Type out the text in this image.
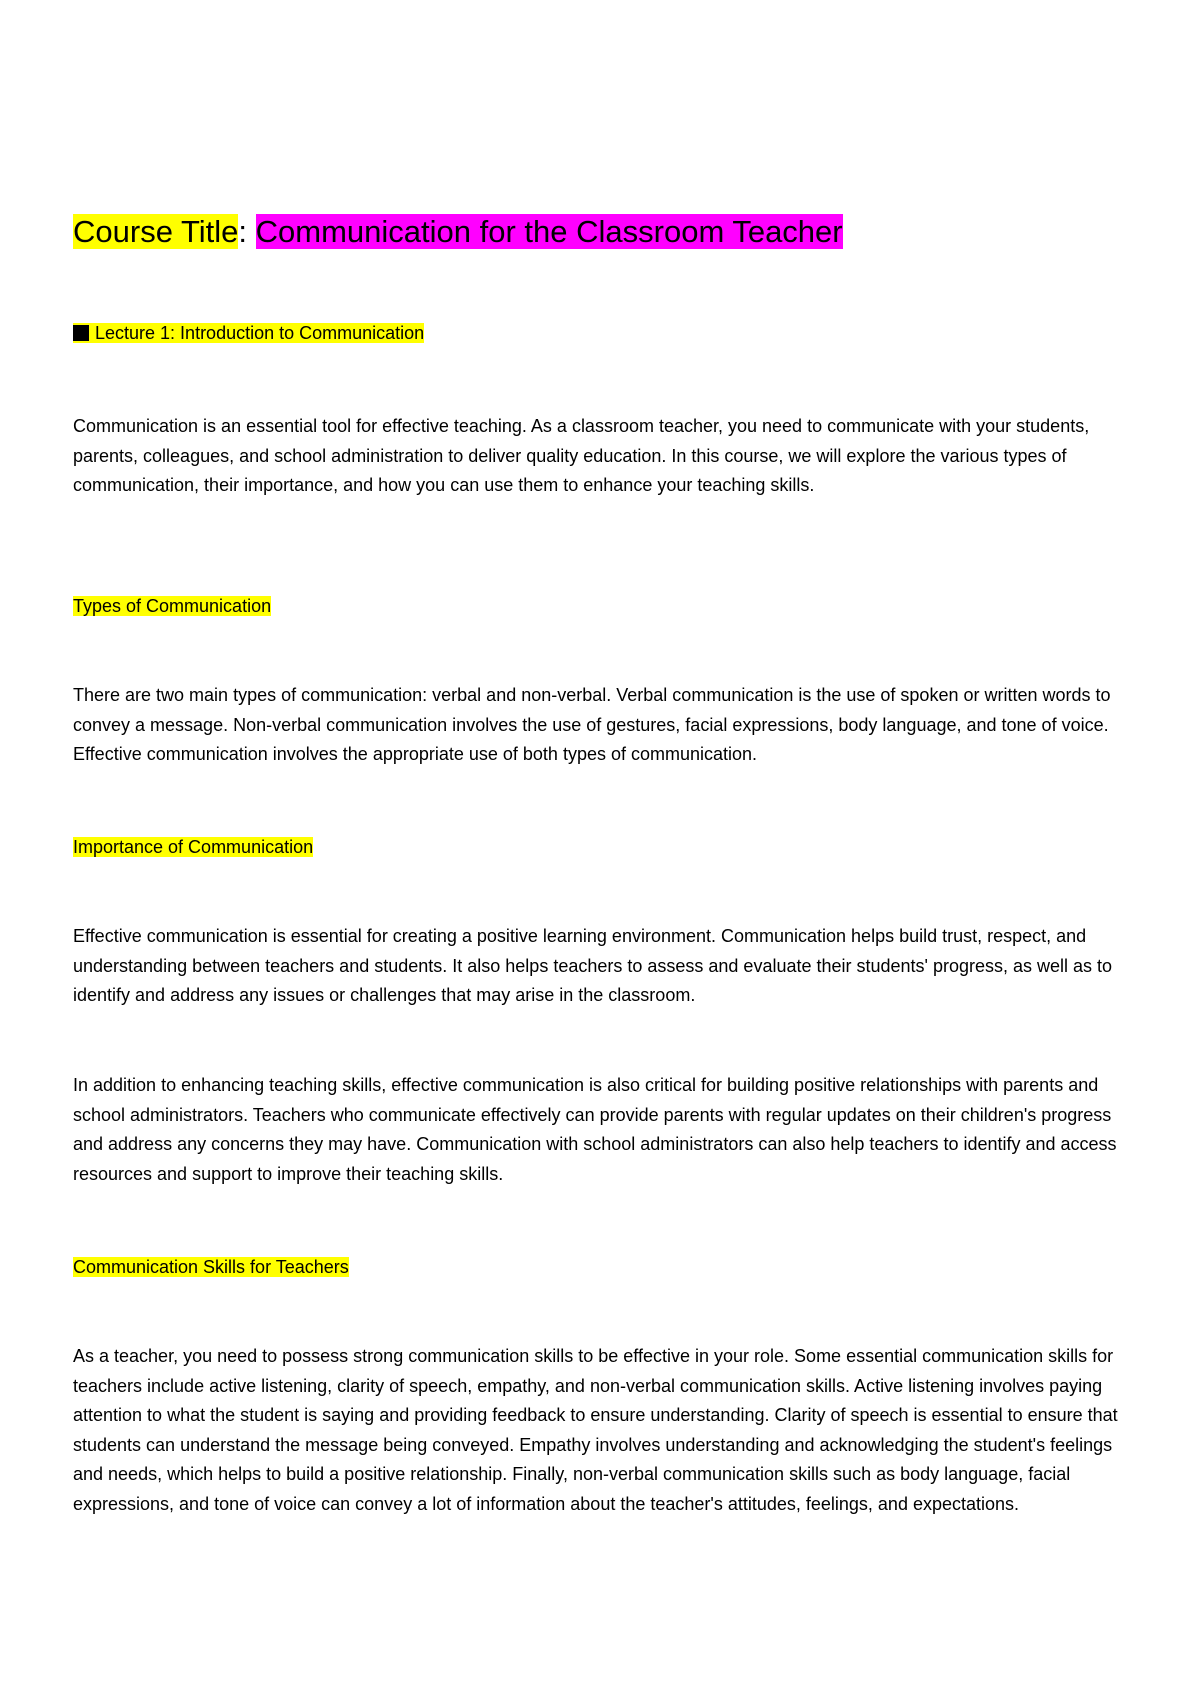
Course Title: Communication for the Classroom Teacher
Lecture 1: Introduction to Communication

Communication is an essential tool for effective teaching. As a classroom teacher, you need to communicate with your students, parents, colleagues, and school administration to deliver quality education. In this course, we will explore the various types of communication, their importance, and how you can use them to enhance your teaching skills.

Types of Communication

There are two main types of communication: verbal and non-verbal. Verbal communication is the use of spoken or written words to convey a message. Non-verbal communication involves the use of gestures, facial expressions, body language, and tone of voice. Effective communication involves the appropriate use of both types of communication.

Importance of Communication

Effective communication is essential for creating a positive learning environment. Communication helps build trust, respect, and understanding between teachers and students. It also helps teachers to assess and evaluate their students' progress, as well as to identify and address any issues or challenges that may arise in the classroom.

In addition to enhancing teaching skills, effective communication is also critical for building positive relationships with parents and school administrators. Teachers who communicate effectively can provide parents with regular updates on their children's progress and address any concerns they may have. Communication with school administrators can also help teachers to identify and access resources and support to improve their teaching skills.

Communication Skills for Teachers

As a teacher, you need to possess strong communication skills to be effective in your role. Some essential communication skills for teachers include active listening, clarity of speech, empathy, and non-verbal communication skills. Active listening involves paying attention to what the student is saying and providing feedback to ensure understanding. Clarity of speech is essential to ensure that students can understand the message being conveyed. Empathy involves understanding and acknowledging the student's feelings and needs, which helps to build a positive relationship. Finally, non-verbal communication skills such as body language, facial expressions, and tone of voice can convey a lot of information about the teacher's attitudes, feelings, and expectations.
